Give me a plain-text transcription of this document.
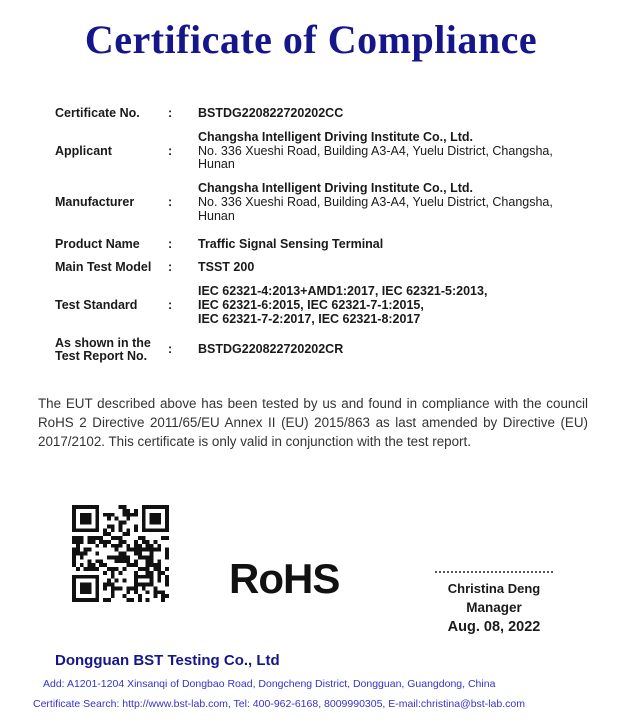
Certificate of Compliance
Certificate No.	:	BSTDG220822720202CC
Applicant	:
Changsha Intelligent Driving Institute Co., Ltd.
No. 336 Xueshi Road, Building A3-A4, Yuelu District, Changsha,
Hunan
Manufacturer	:
Changsha Intelligent Driving Institute Co., Ltd.
No. 336 Xueshi Road, Building A3-A4, Yuelu District, Changsha,
Hunan
Product Name	:	Traffic Signal Sensing Terminal
Main Test Model	:	TSST 200
Test Standard	:
IEC 62321-4:2013+AMD1:2017, IEC 62321-5:2013,
IEC 62321-6:2015, IEC 62321-7-1:2015,
IEC 62321-7-2:2017, IEC 62321-8:2017
As shown in the
Test Report No.	:	BSTDG220822720202CR

The EUT described above has been tested by us and found in compliance with the council RoHS 2 Directive 2011/65/EU Annex II (EU) 2015/863 as last amended by Directive (EU) 2017/2102. This certificate is only valid in conjunction with the test report.

RoHS	Christina Deng
Manager
Aug. 08, 2022
Dongguan BST Testing Co., Ltd
Add: A1201-1204 Xinsanqi of Dongbao Road, Dongcheng District, Dongguan, Guangdong, China
Certificate Search: http://www.bst-lab.com, Tel: 400-962-6168, 8009990305, E-mail:christina@bst-lab.com
